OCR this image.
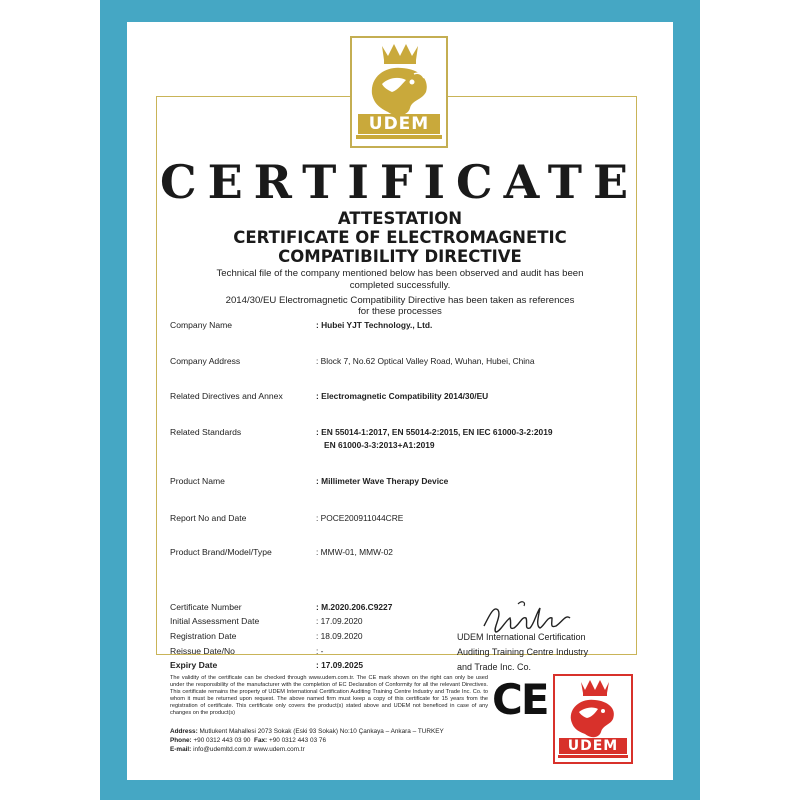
UDEM
CERTIFICATE
ATTESTATION
CERTIFICATE OF ELECTROMAGNETIC
COMPATIBILITY DIRECTIVE
Technical file of the company mentioned below has been observed and audit has been
completed successfully.
2014/30/EU Electromagnetic Compatibility Directive has been taken as references
for these processes
Company Name	: Hubei YJT Technology., Ltd.
Company Address	: Block 7, No.62 Optical Valley Road, Wuhan, Hubei, China
Related Directives and Annex	: Electromagnetic Compatibility 2014/30/EU
Related Standards	: EN 55014-1:2017, EN 55014-2:2015, EN IEC 61000-3-2:2019
EN 61000-3-3:2013+A1:2019
Product Name	: Millimeter Wave Therapy Device
Report No and Date	: POCE200911044CRE
Product Brand/Model/Type	: MMW-01, MMW-02
Certificate Number	: M.2020.206.C9227
Initial Assessment Date	: 17.09.2020
Registration Date	: 18.09.2020
Reissue Date/No	: -
Expiry Date	: 17.09.2025
UDEM International Certification
Auditing Training Centre Industry
and Trade Inc. Co.
The validity of the certificate can be checked through www.udem.com.tr. The CE mark shown on the right can only be used under the responsibility of the manufacturer with the completion of EC Declaration of Conformity for all the relevant Directives. This certificate remains the property of UDEM International Certification Auditing Training Centre Industry and Trade Inc. Co. to whom it must be returned upon request. The above named firm must keep a copy of this certificate for 15 years from the registration of certificate. This certificate only covers the product(s) stated above and UDEM not beneficed in case of any changes on the product(s)
Address: Mutlukent Mahallesi 2073 Sokak (Eski 93 Sokak) No:10 Çankaya – Ankara – TURKEY
Phone: +90 0312 443 03 90 Fax: +90 0312 443 03 76
E-mail: info@udemltd.com.tr www.udem.com.tr
CE
UDEM
